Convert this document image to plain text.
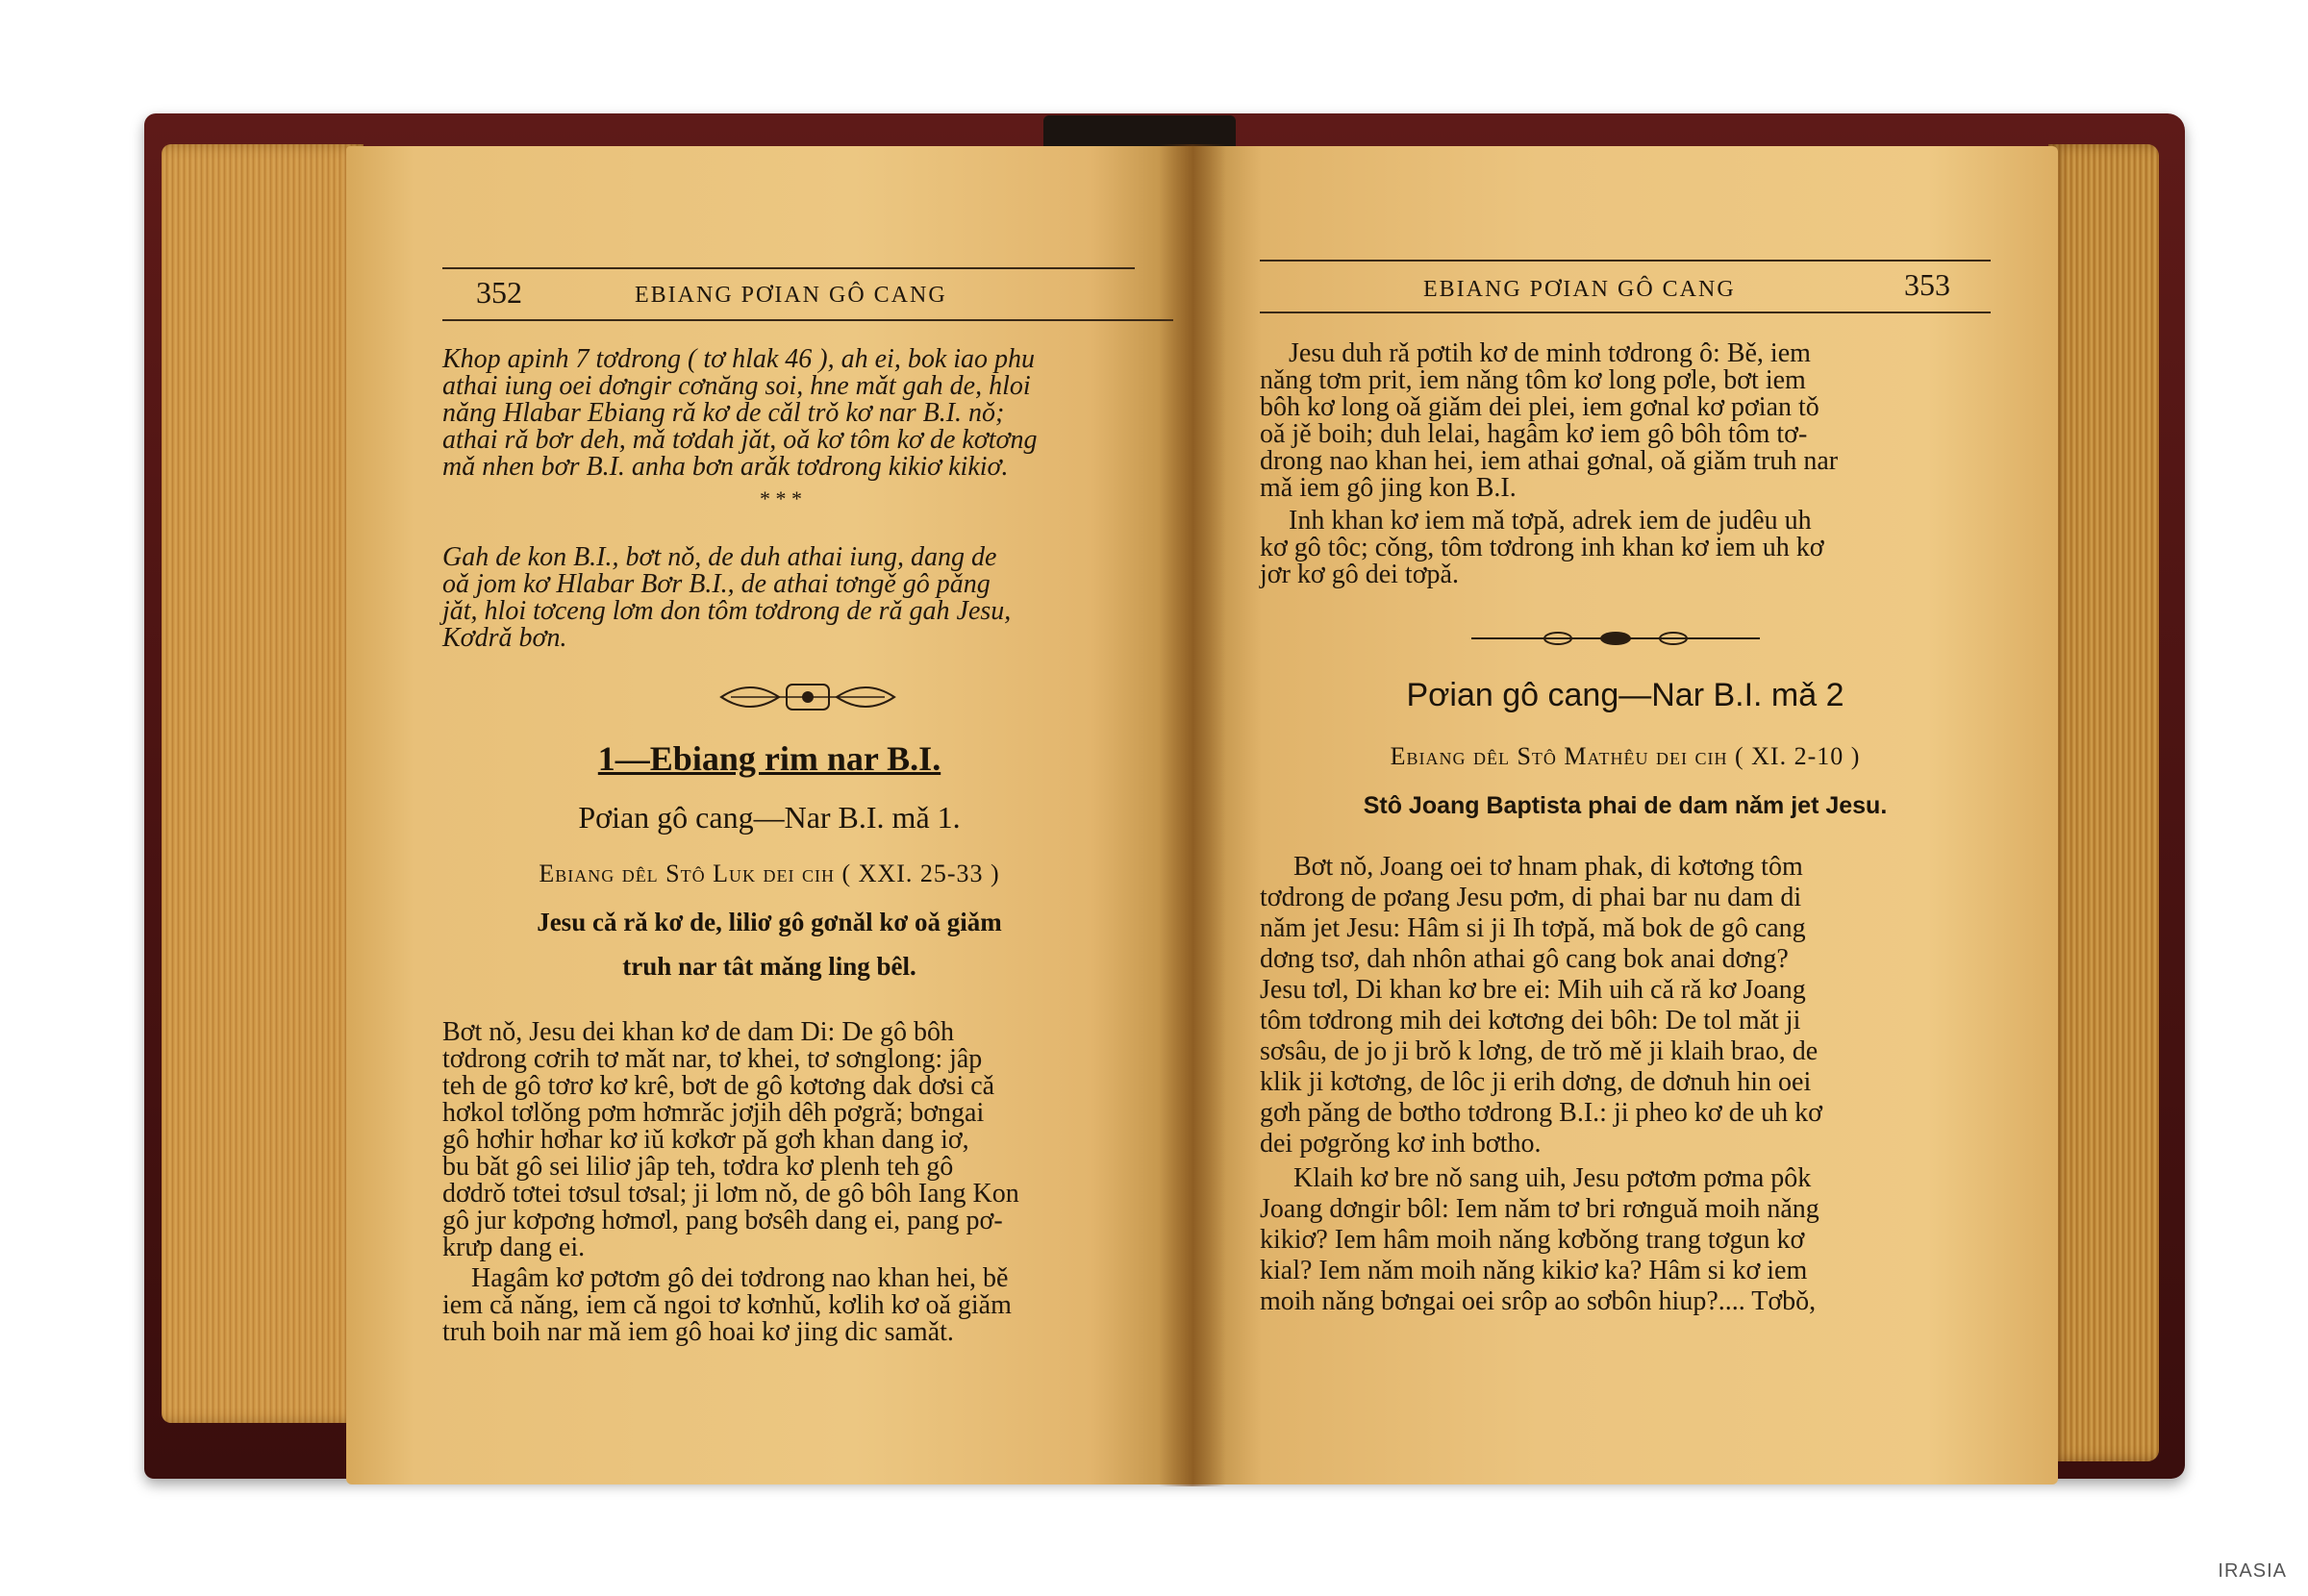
352	EBIANG PƠIAN GÔ CANG
Khop apinh 7 tơdrong ( tơ hlak 46 ), ah ei, bok iao phu
athai iung oei dơngir cơnăng soi, hne mǎt gah de, hloi
nǎng Hlabar Ebiang rǎ kơ de cǎl trǒ kơ nar B.I. nǒ;
athai rǎ bơr deh, mǎ tơdah jǎt, oǎ kơ tôm kơ de kơtơng
mǎ nhen bơr B.I. anha bơn arǎk tơdrong kikiơ kikiơ.
* * *
Gah de kon B.I., bơt nǒ, de duh athai iung, dang de
oǎ jom kơ Hlabar Bơr B.I., de athai tơngě gô pǎng
jǎt, hloi tơceng lơm don tôm tơdrong de rǎ gah Jesu,
Kơdrǎ bơn.
1—Ebiang rim nar B.I.
Pơian gô cang—Nar B.I. mǎ 1.
Ebiang dêl Stô Luk dei cih ( XXI. 25-33 )
Jesu cǎ rǎ kơ de, liliơ gô gơnǎl kơ oǎ giǎm
truh nar tât mǎng ling bêl.
Bơt nǒ, Jesu dei khan kơ de dam Di: De gô bôh
tơdrong cơrih tơ mǎt nar, tơ khei, tơ sơnglong: jâp
teh de gô tơrơ kơ krê, bơt de gô kơtơng dak dơsi cǎ
hơkol tơlǒng pơm hơmrǎc jơjih dêh pơgrǎ; bơngai
gô hơhir hơhar kơ iǔ kơkơr pǎ gơh khan dang iơ,
bu bǎt gô sei liliơ jâp teh, tơdra kơ plenh teh gô
dơdrǒ tơtei tơsul tơsal; ji lơm nǒ, de gô bôh Iang Kon
gô jur kơpơng hơmơl, pang bơsêh dang ei, pang pơ-
krưp dang ei.
Hagâm kơ pơtơm gô dei tơdrong nao khan hei, bě
iem cǎ nǎng, iem cǎ ngoi tơ kơnhǔ, kơlih kơ oǎ giǎm
truh boih nar mǎ iem gô hoai kơ jing dic samǎt.
EBIANG PƠIAN GÔ CANG	353
Jesu duh rǎ pơtih kơ de minh tơdrong ô: Bě, iem
nǎng tơm prit, iem nǎng tôm kơ long pơle, bơt iem
bôh kơ long oǎ giǎm dei plei, iem gơnal kơ pơian tǒ
oǎ jě boih; duh lelai, hagâm kơ iem gô bôh tôm tơ-
drong nao khan hei, iem athai gơnal, oǎ giǎm truh nar
mǎ iem gô jing kon B.I.
Inh khan kơ iem mǎ tơpǎ, adrek iem de judêu uh
kơ gô tôc; cǒng, tôm tơdrong inh khan kơ iem uh kơ
jơr kơ gô dei tơpǎ.
Pơian gô cang—Nar B.I. mǎ 2
Ebiang dêl Stô Mathêu dei cih ( XI. 2-10 )
Stô Joang Baptista phai de dam nǎm jet Jesu.
Bơt nǒ, Joang oei tơ hnam phak, di kơtơng tôm
tơdrong de pơang Jesu pơm, di phai bar nu dam di
nǎm jet Jesu: Hâm si ji Ih tơpǎ, mǎ bok de gô cang
dơng tsơ, dah nhôn athai gô cang bok anai dơng?
Jesu tơl, Di khan kơ bre ei: Mih uih cǎ rǎ kơ Joang
tôm tơdrong mih dei kơtơng dei bôh: De tol mǎt ji
sơsâu, de jo ji brǒ k lơng, de trǒ mě ji klaih brao, de
klik ji kơtơng, de lôc ji erih dơng, de dơnuh hin oei
gơh pǎng de bơtho tơdrong B.I.: ji pheo kơ de uh kơ
dei pơgrǒng kơ inh bơtho.
Klaih kơ bre nǒ sang uih, Jesu pơtơm pơma pôk
Joang dơngir bôl: Iem nǎm tơ bri rơnguǎ moih nǎng
kikiơ? Iem hâm moih nǎng kơbǒng trang tơgun kơ
kial? Iem nǎm moih nǎng kikiơ ka? Hâm si kơ iem
moih nǎng bơngai oei srôp ao sơbôn hiup?.... Tơbǒ,
IRASIA
